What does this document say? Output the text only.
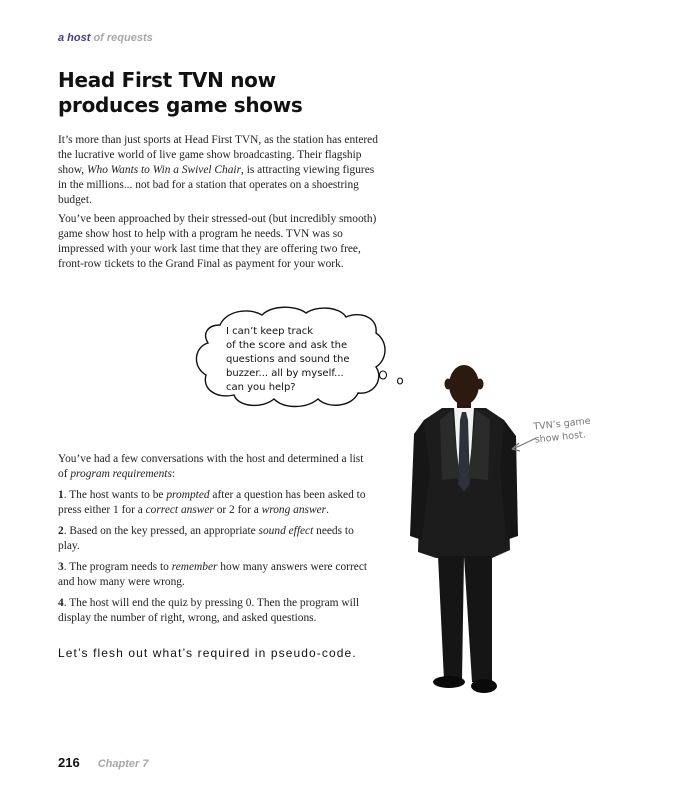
a host of requests
Head First TVN now
produces game shows

It’s more than just sports at Head First TVN, as the station has entered the lucrative world of live game show broadcasting. Their flagship show, Who Wants to Win a Swivel Chair, is attracting viewing figures in the millions... not bad for a station that operates on a shoestring budget.

You’ve been approached by their stressed-out (but incredibly smooth) game show host to help with a program he needs. TVN was so impressed with your work last time that they are offering two free, front-row tickets to the Grand Final as payment for your work.

I can’t keep track
of the score and ask the
questions and sound the
buzzer... all by myself...
can you help?
TVN’s game
show host.

You’ve had a few conversations with the host and determined a list of program requirements:

1. The host wants to be prompted after a question has been asked to press either 1 for a correct answer or 2 for a wrong answer.

2. Based on the key pressed, an appropriate sound effect needs to play.

3. The program needs to remember how many answers were correct and how many were wrong.

4. The host will end the quiz by pressing 0. Then the program will display the number of right, wrong, and asked questions.

Let’s flesh out what’s required in pseudo-code.

216 Chapter 7
